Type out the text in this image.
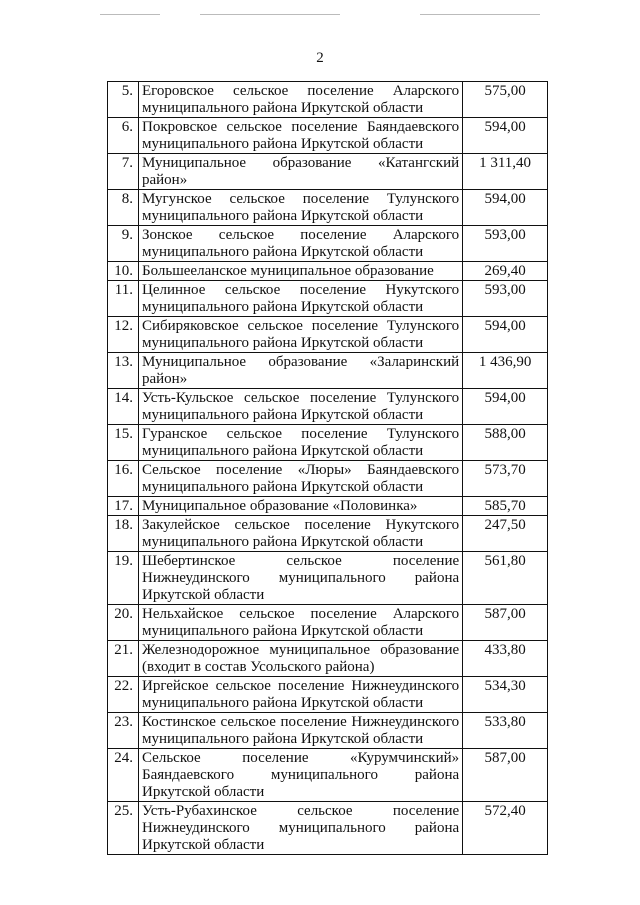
2
5.	Егоровское сельское поселение Аларского муниципального района Иркутской области	575,00
6.	Покровское сельское поселение Баяндаевского муниципального района Иркутской области	594,00
7.	Муниципальное образование «Катангский район»	1 311,40
8.	Мугунское сельское поселение Тулунского муниципального района Иркутской области	594,00
9.	Зонское сельское поселение Аларского муниципального района Иркутской области	593,00
10.	Большееланское муниципальное образование	269,40
11.	Целинное сельское поселение Нукутского муниципального района Иркутской области	593,00
12.	Сибиряковское сельское поселение Тулунского муниципального района Иркутской области	594,00
13.	Муниципальное образование «Заларинский район»	1 436,90
14.	Усть-Кульское сельское поселение Тулунского муниципального района Иркутской области	594,00
15.	Гуранское сельское поселение Тулунского муниципального района Иркутской области	588,00
16.	Сельское поселение «Люры» Баяндаевского муниципального района Иркутской области	573,70
17.	Муниципальное образование «Половинка»	585,70
18.	Закулейское сельское поселение Нукутского муниципального района Иркутской области	247,50
19.	Шебертинское сельское поселение Нижнеудинского муниципального района Иркутской области	561,80
20.	Нельхайское сельское поселение Аларского муниципального района Иркутской области	587,00
21.	Железнодорожное муниципальное образование (входит в состав Усольского района)	433,80
22.	Иргейское сельское поселение Нижнеудинского муниципального района Иркутской области	534,30
23.	Костинское сельское поселение Нижнеудинского муниципального района Иркутской области	533,80
24.	Сельское поселение «Курумчинский» Баяндаевского муниципального района Иркутской области	587,00
25.	Усть-Рубахинское сельское поселение Нижнеудинского муниципального района Иркутской области	572,40
